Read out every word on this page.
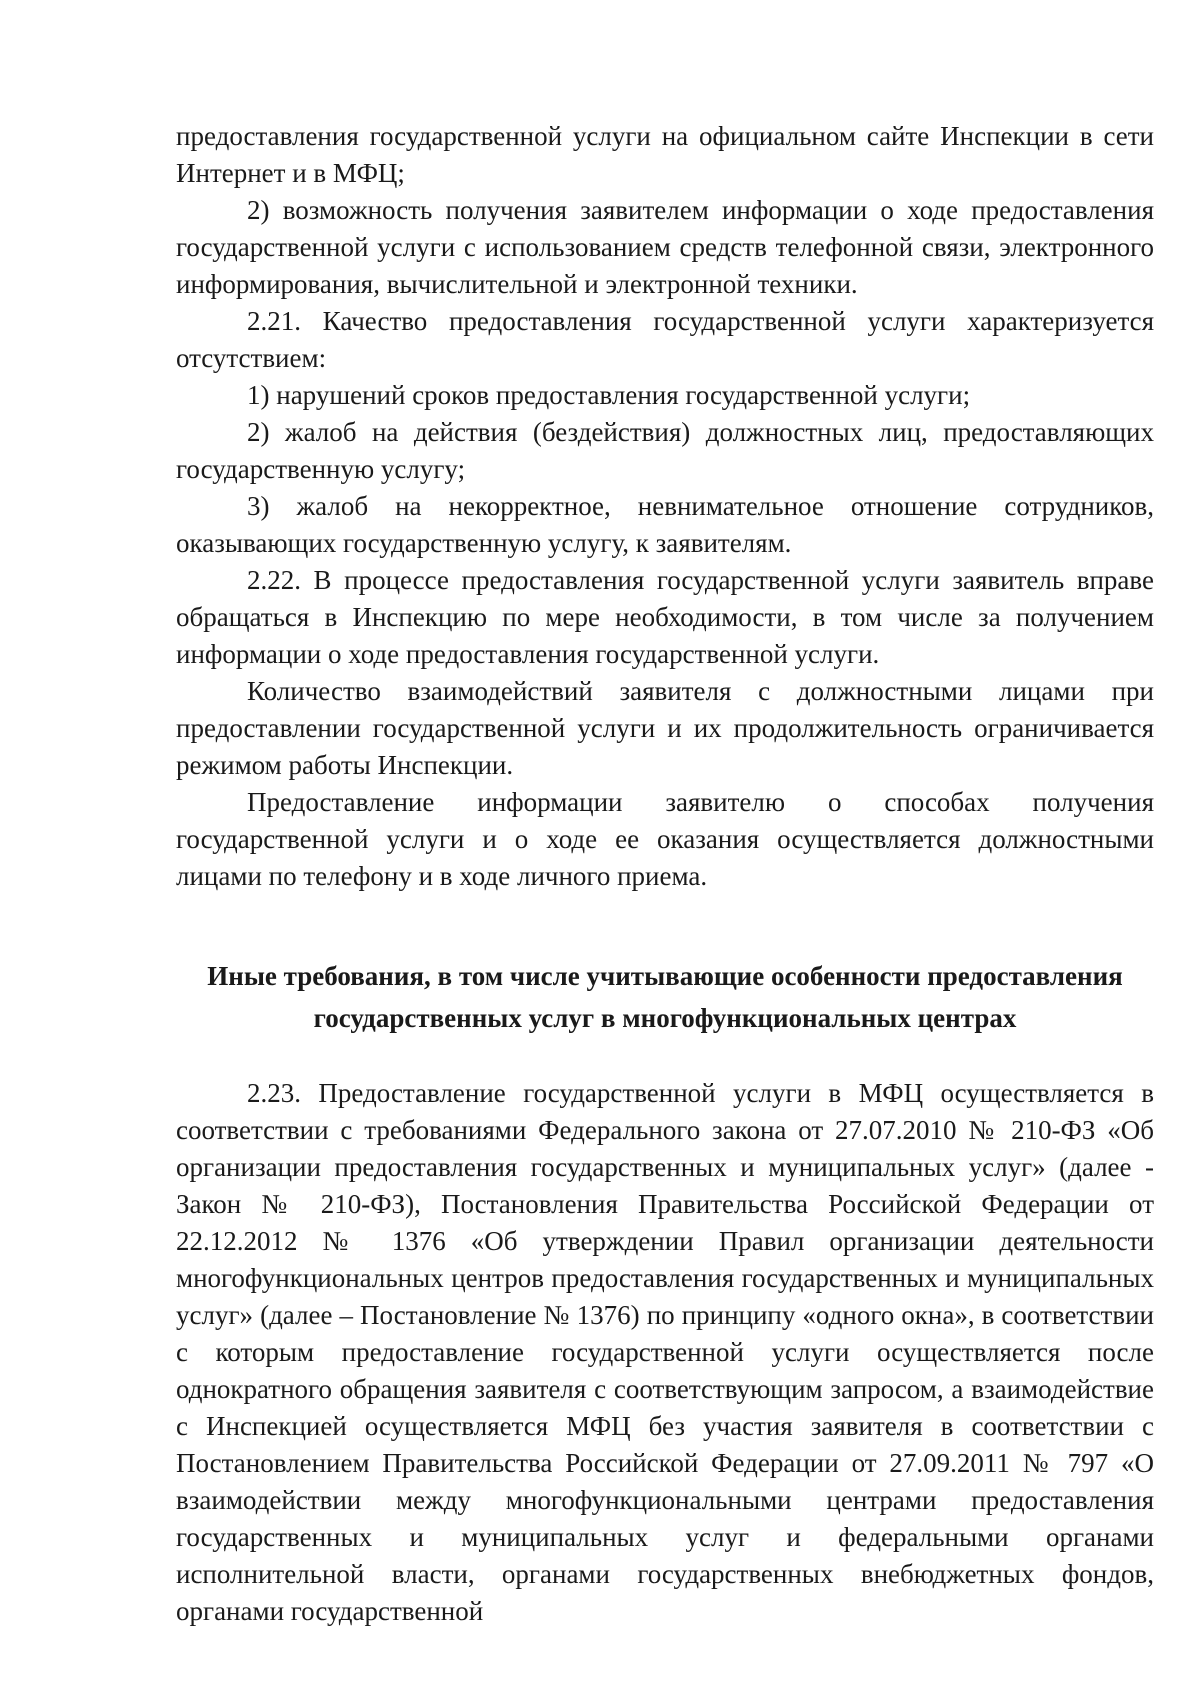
предоставления государственной услуги на официальном сайте Инспекции в сети Интернет и в МФЦ;

2) возможность получения заявителем информации о ходе предоставления государственной услуги с использованием средств телефонной связи, электронного информирования, вычислительной и электронной техники.

2.21. Качество предоставления государственной услуги характеризуется отсутствием:

1) нарушений сроков предоставления государственной услуги;

2) жалоб на действия (бездействия) должностных лиц, предоставляющих государственную услугу;

3) жалоб на некорректное, невнимательное отношение сотрудников, оказывающих государственную услугу, к заявителям.

2.22. В процессе предоставления государственной услуги заявитель вправе обращаться в Инспекцию по мере необходимости, в том числе за получением информации о ходе предоставления государственной услуги.

Количество взаимодействий заявителя с должностными лицами при предоставлении государственной услуги и их продолжительность ограничивается режимом работы Инспекции.

Предоставление информации заявителю о способах получения государственной услуги и о ходе ее оказания осуществляется должностными лицами по телефону и в ходе личного приема.

Иные требования, в том числе учитывающие особенности предоставления
государственных услуг в многофункциональных центрах

2.23. Предоставление государственной услуги в МФЦ осуществляется в соответствии с требованиями Федерального закона от 27.07.2010 № 210-ФЗ «Об организации предоставления государственных и муниципальных услуг» (далее - Закон № 210-ФЗ), Постановления Правительства Российской Федерации от 22.12.2012 № 1376 «Об утверждении Правил организации деятельности многофункциональных центров предоставления государственных и муниципальных услуг» (далее – Постановление № 1376) по принципу «одного окна», в соответствии с которым предоставление государственной услуги осуществляется после однократного обращения заявителя с соответствующим запросом, а взаимодействие с Инспекцией осуществляется МФЦ без участия заявителя в соответствии с Постановлением Правительства Российской Федерации от 27.09.2011 № 797 «О взаимодействии между многофункциональными центрами предоставления государственных и муниципальных услуг и федеральными органами исполнительной власти, органами государственных внебюджетных фондов, органами государственной
